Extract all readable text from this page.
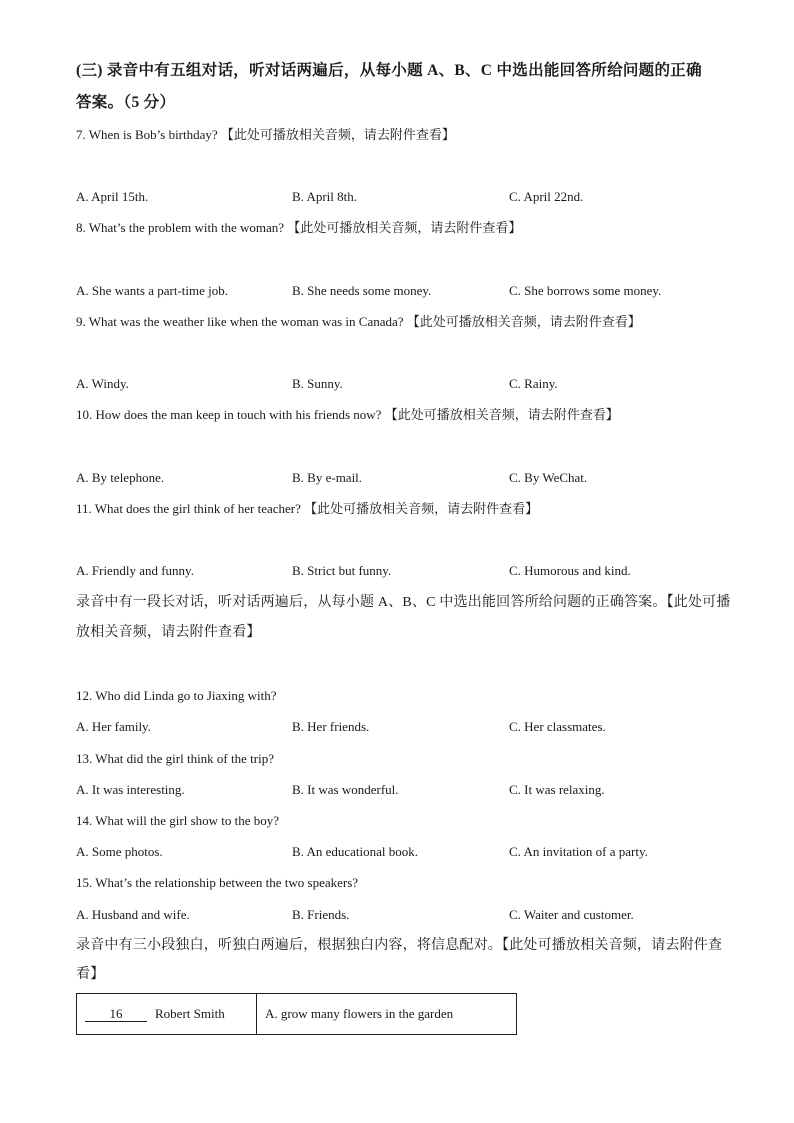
(三) 录音中有五组对话，听对话两遍后，从每小题 A、B、C 中选出能回答所给问题的正确
答案。（5 分）
7. When is Bob’s birthday? 【此处可播放相关音频，请去附件查看】
A. April 15th.	B. April 8th.	C. April 22nd.
8. What’s the problem with the woman? 【此处可播放相关音频，请去附件查看】
A. She wants a part-time job.	B. She needs some money.	C. She borrows some money.
9. What was the weather like when the woman was in Canada? 【此处可播放相关音频，请去附件查看】
A. Windy.	B. Sunny.	C. Rainy.
10. How does the man keep in touch with his friends now? 【此处可播放相关音频，请去附件查看】
A. By telephone.	B. By e-mail.	C. By WeChat.
11. What does the girl think of her teacher? 【此处可播放相关音频，请去附件查看】
A. Friendly and funny.	B. Strict but funny.	C. Humorous and kind.
录音中有一段长对话，听对话两遍后，从每小题 A、B、C 中选出能回答所给问题的正确答案。【此处可播
放相关音频，请去附件查看】
12. Who did Linda go to Jiaxing with?
A. Her family.	B. Her friends.	C. Her classmates.
13. What did the girl think of the trip?
A. It was interesting.	B. It was wonderful.	C. It was relaxing.
14. What will the girl show to the boy?
A. Some photos.	B. An educational book.	C. An invitation of a party.
15. What’s the relationship between the two speakers?
A. Husband and wife.	B. Friends.	C. Waiter and customer.
录音中有三小段独白，听独白两遍后，根据独白内容，将信息配对。【此处可播放相关音频，请去附件查
看】
16	Robert Smith	A. grow many flowers in the garden
